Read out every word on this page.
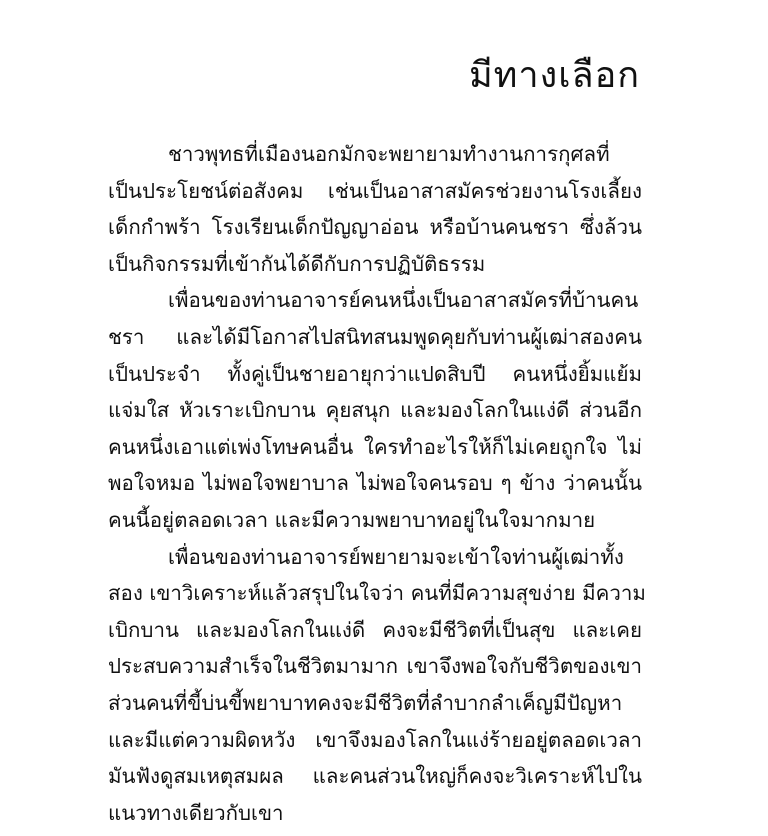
มีทางเลือก
ชาวพุทธที่เมืองนอกมักจะพยายามทำงานการกุศลที่
เป็นประโยชน์ต่อสังคม เช่นเป็นอาสาสมัครช่วยงานโรงเลี้ยง
เด็กกำพร้า โรงเรียนเด็กปัญญาอ่อน หรือบ้านคนชรา ซึ่งล้วน
เป็นกิจกรรมที่เข้ากันได้ดีกับการปฏิบัติธรรม
เพื่อนของท่านอาจารย์คนหนึ่งเป็นอาสาสมัครที่บ้านคน
ชรา และได้มีโอกาสไปสนิทสนมพูดคุยกับท่านผู้เฒ่าสองคน
เป็นประจำ ทั้งคู่เป็นชายอายุกว่าแปดสิบปี คนหนึ่งยิ้มแย้ม
แจ่มใส หัวเราะเบิกบาน คุยสนุก และมองโลกในแง่ดี ส่วนอีก
คนหนึ่งเอาแต่เพ่งโทษคนอื่น ใครทำอะไรให้ก็ไม่เคยถูกใจ ไม่
พอใจหมอ ไม่พอใจพยาบาล ไม่พอใจคนรอบ ๆ ข้าง ว่าคนนั้น
คนนี้อยู่ตลอดเวลา และมีความพยาบาทอยู่ในใจมากมาย
เพื่อนของท่านอาจารย์พยายามจะเข้าใจท่านผู้เฒ่าทั้ง
สอง เขาวิเคราะห์แล้วสรุปในใจว่า คนที่มีความสุขง่าย มีความ
เบิกบาน และมองโลกในแง่ดี คงจะมีชีวิตที่เป็นสุข และเคย
ประสบความสำเร็จในชีวิตมามาก เขาจึงพอใจกับชีวิตของเขา
ส่วนคนที่ขี้บ่นขี้พยาบาทคงจะมีชีวิตที่ลำบากลำเค็ญมีปัญหา
และมีแต่ความผิดหวัง เขาจึงมองโลกในแง่ร้ายอยู่ตลอดเวลา
มันฟังดูสมเหตุสมผล และคนส่วนใหญ่ก็คงจะวิเคราะห์ไปใน
แนวทางเดียวกับเขา
